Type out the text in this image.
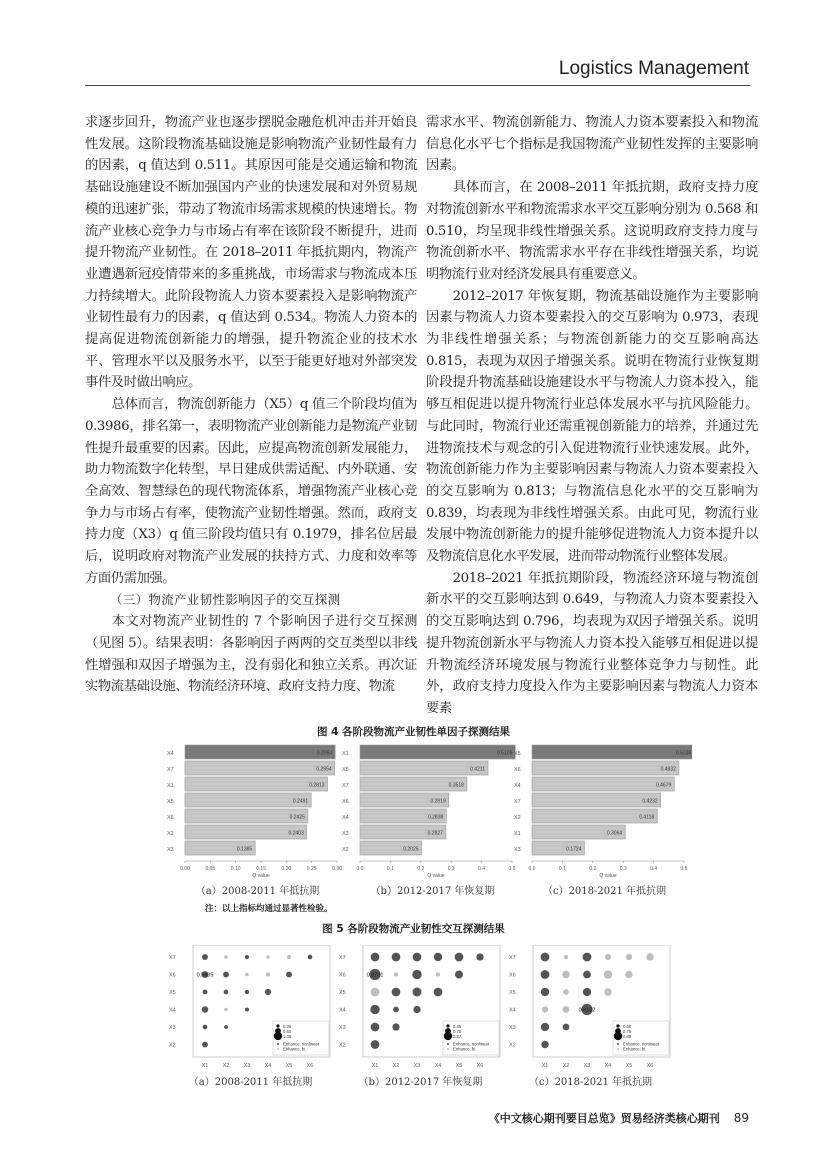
Logistics Management

求逐步回升，物流产业也逐步摆脱金融危机冲击并开始良性发展。这阶段物流基础设施是影响物流产业韧性最有力的因素，q 值达到 0.511。其原因可能是交通运输和物流基础设施建设不断加强国内产业的快速发展和对外贸易规模的迅速扩张，带动了物流市场需求规模的快速增长。物流产业核心竞争力与市场占有率在该阶段不断提升，进而提升物流产业韧性。在 2018–2011 年抵抗期内，物流产业遭遇新冠疫情带来的多重挑战，市场需求与物流成本压力持续增大。此阶段物流人力资本要素投入是影响物流产业韧性最有力的因素，q 值达到 0.534。物流人力资本的提高促进物流创新能力的增强，提升物流企业的技术水平、管理水平以及服务水平，以至于能更好地对外部突发事件及时做出响应。

总体而言，物流创新能力（X5）q 值三个阶段均值为 0.3986，排名第一，表明物流产业创新能力是物流产业韧性提升最重要的因素。因此，应提高物流创新发展能力，助力物流数字化转型，早日建成供需适配、内外联通、安全高效、智慧绿色的现代物流体系，增强物流产业核心竞争力与市场占有率，使物流产业韧性增强。然而，政府支持力度（X3）q 值三阶段均值只有 0.1979，排名位居最后，说明政府对物流产业发展的扶持方式、力度和效率等方面仍需加强。

（三）物流产业韧性影响因子的交互探测

本文对物流产业韧性的 7 个影响因子进行交互探测（见图 5）。结果表明：各影响因子两两的交互类型以非线性增强和双因子增强为主，没有弱化和独立关系。再次证实物流基础设施、物流经济环境、政府支持力度、物流

需求水平、物流创新能力、物流人力资本要素投入和物流信息化水平七个指标是我国物流产业韧性发挥的主要影响因素。

具体而言，在 2008–2011 年抵抗期，政府支持力度对物流创新水平和物流需求水平交互影响分别为 0.568 和 0.510，均呈现非线性增强关系。这说明政府支持力度与物流创新水平、物流需求水平存在非线性增强关系，均说明物流行业对经济发展具有重要意义。

2012–2017 年恢复期，物流基础设施作为主要影响因素与物流人力资本要素投入的交互影响为 0.973，表现为非线性增强关系；与物流创新能力的交互影响高达 0.815，表现为双因子增强关系。说明在物流行业恢复期阶段提升物流基础设施建设水平与物流人力资本投入，能够互相促进以提升物流行业总体发展水平与抗风险能力。与此同时，物流行业还需重视创新能力的培养，并通过先进物流技术与观念的引入促进物流行业快速发展。此外，物流创新能力作为主要影响因素与物流人力资本要素投入的交互影响为 0.813；与物流信息化水平的交互影响为 0.839，均表现为非线性增强关系。由此可见，物流行业发展中物流创新能力的提升能够促进物流人力资本提升以及物流信息化水平发展，进而带动物流行业整体发展。

2018–2021 年抵抗期阶段，物流经济环境与物流创新水平的交互影响达到 0.649，与物流人力资本要素投入的交互影响达到 0.796，均表现为双因子增强关系。说明提升物流创新水平与物流人力资本投入能够互相促进以提升物流经济环境发展与物流行业整体竞争力与韧性。此外，政府支持力度投入作为主要影响因素与物流人力资本要素

图 4 各阶段物流产业韧性单因子探测结果
X4	0.2964
X7	0.2954
X1	0.2813
X5	0.2491
X6	0.2425
X2	0.2403
X3	0.1385
0.00	0.05	0.10	0.15	0.20	0.25	0.30
Q value
X1	0.5109
X5	0.4211
X7	0.3518
X6	0.2919
X4	0.2838
X3	0.2827
X2	0.2025
0.0	0.1	0.2	0.3	0.4	0.5
Q value
X5	0.5338
X6	0.4832
X4	0.4679
X7	0.4232
X2	0.4118
X1	0.3064
X3	0.1724
0.0	0.1	0.2	0.3	0.4	0.5
Q value
（a）2008-2011 年抵抗期	（b）2012-2017 年恢复期	（c）2018-2021 年抵抗期
注：以上指标均通过显著性检验。
图 5 各阶段物流产业韧性交互探测结果
X7
X6
X5
X4
X3
X2
X1	X2	X3	X4	X5	X6
0.5985
0.36
0.60
1.00
Enhance, nonlinear
Enhance, bi.
X7
X6
X5
X4
X3
X2
X1	X2	X3	X4	X5	X6
0.9731
0.45
0.70
0.97
Enhance, nonlinear
Enhance, bi.
X7
X6
X5
X4
X3
X2
X1	X2	X3	X4	X5	X6
0.8132
0.60
0.75
0.89
Enhance, nonlinear
Enhance, bi.
（a）2008-2011 年抵抗期	（b）2012-2017 年恢复期	（c）2018-2021 年抵抗期
《中文核心期刊要目总览》贸易经济类核心期刊 89
